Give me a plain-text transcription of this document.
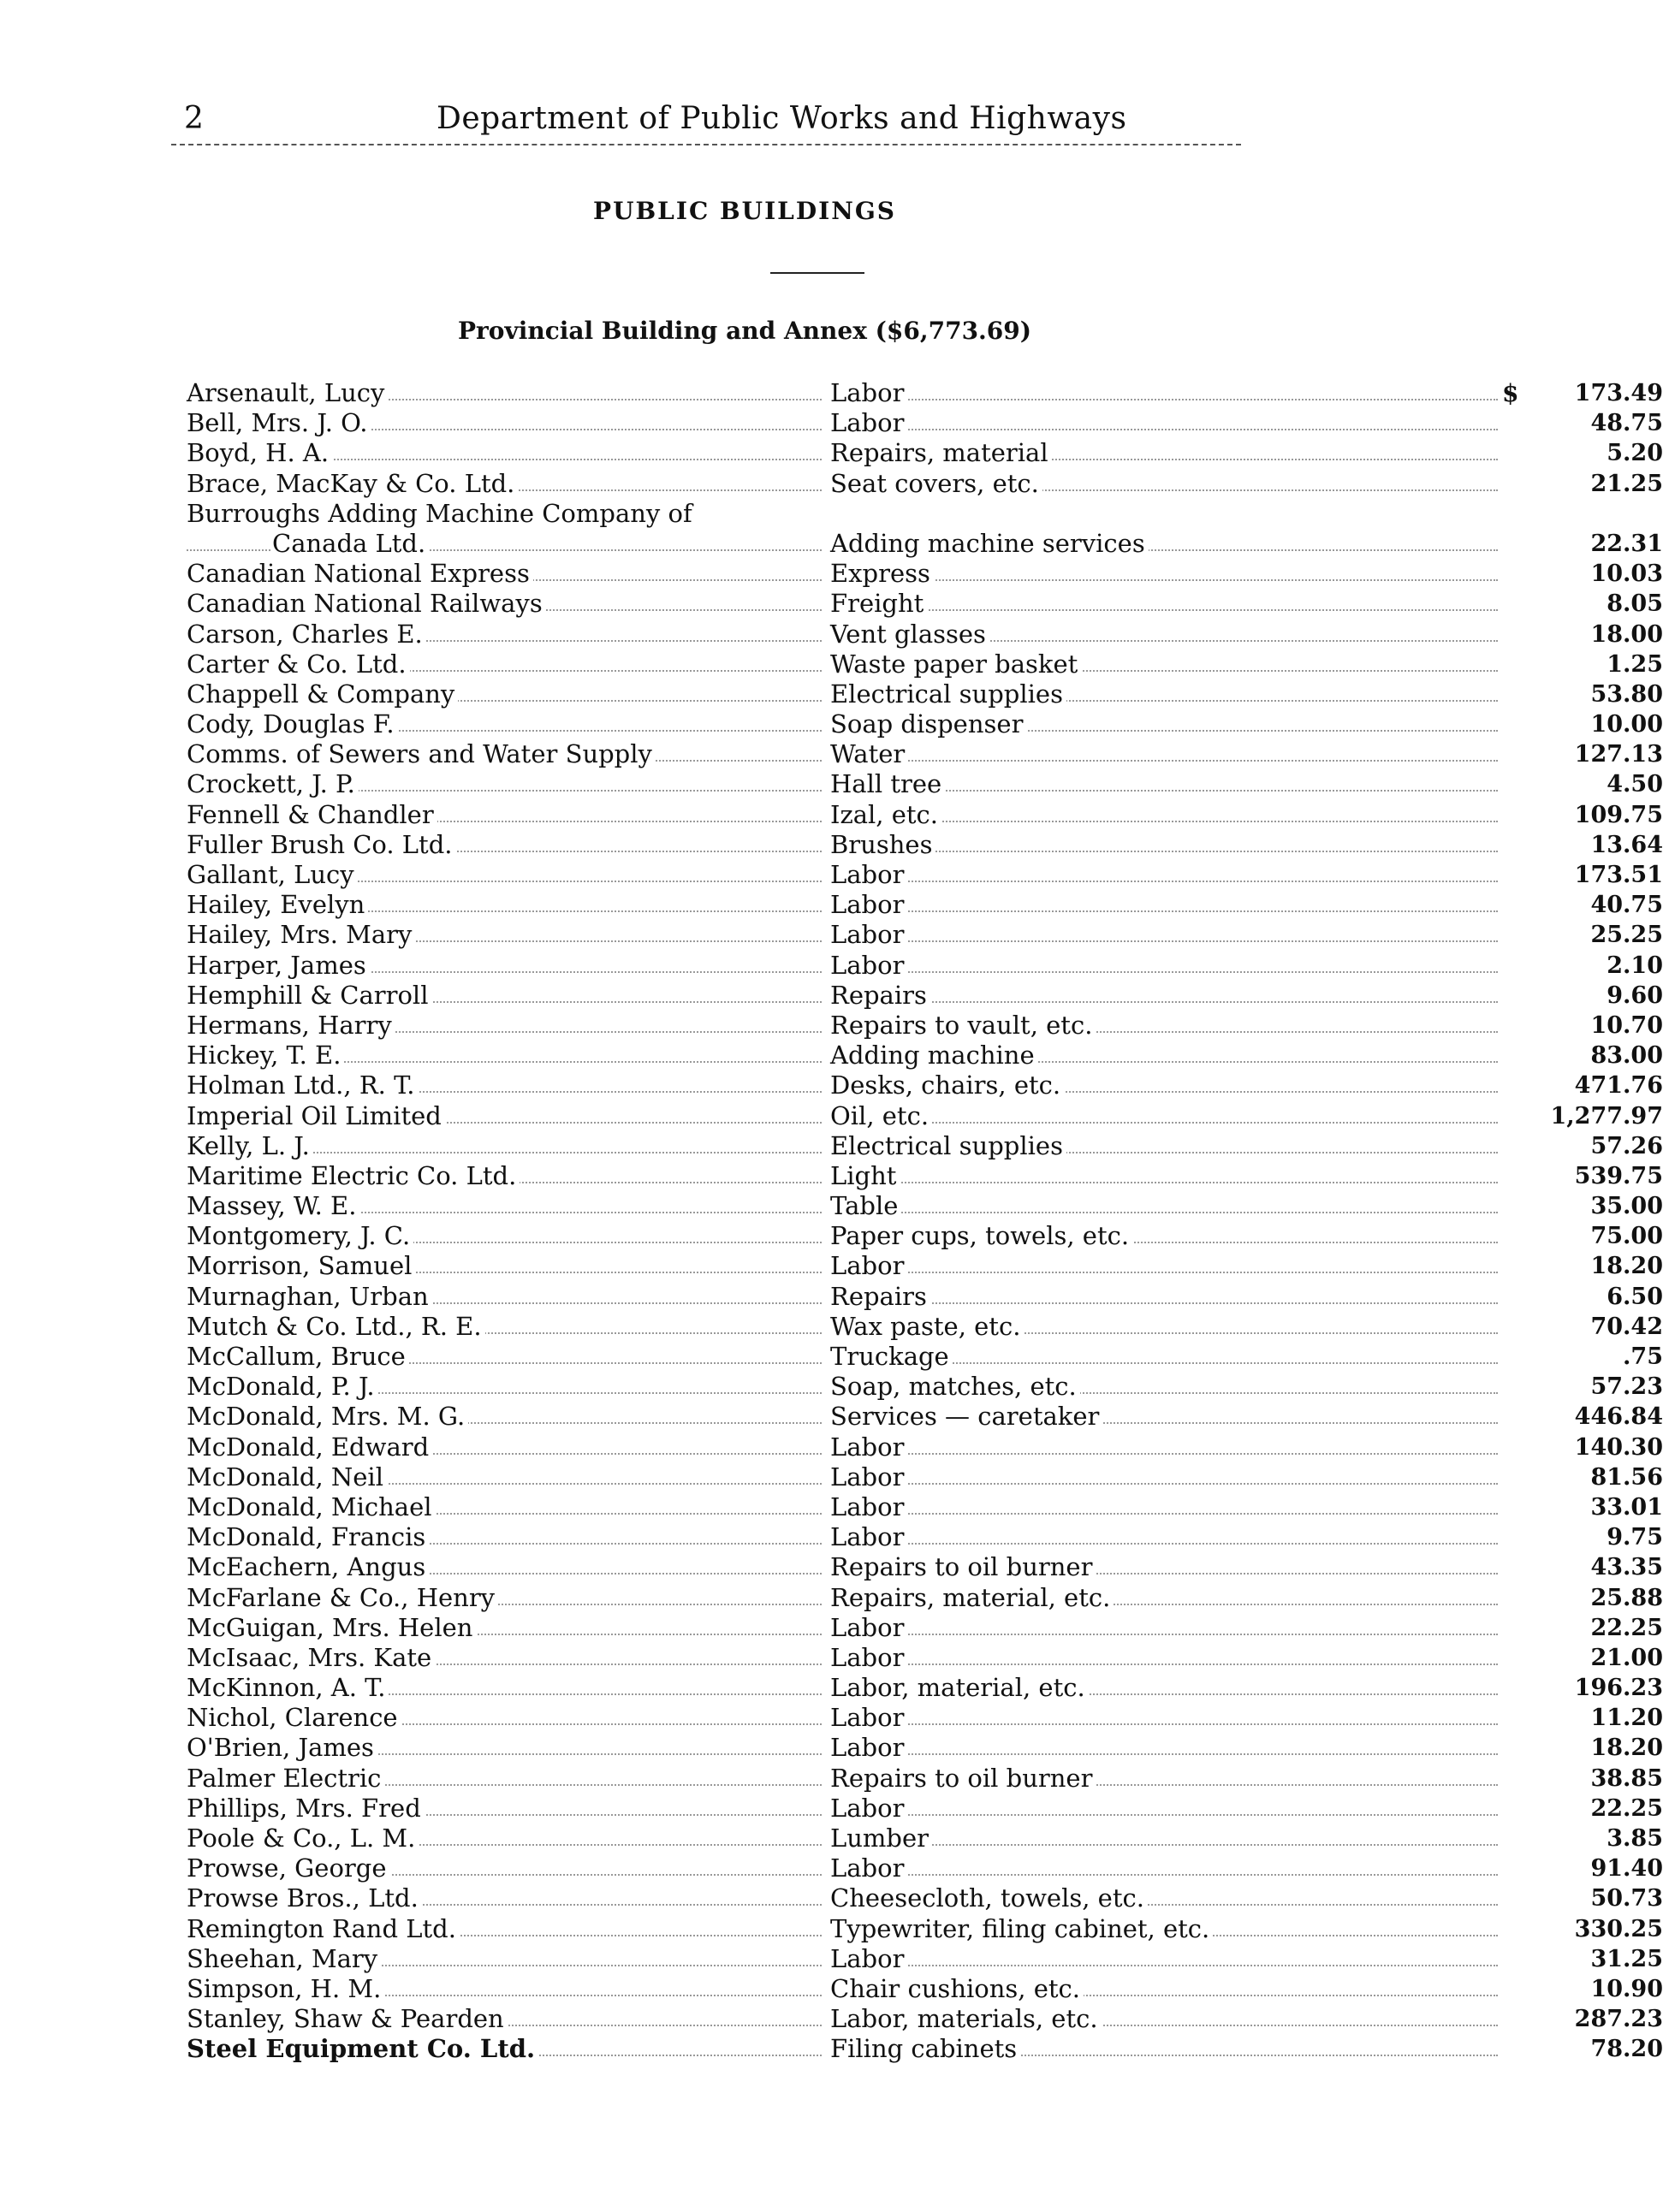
2	Department of Public Works and Highways
PUBLIC BUILDINGS
Provincial Building and Annex ($6,773.69)
Arsenault, Lucy	Labor	$	173.49
Bell, Mrs. J. O.	Labor	48.75
Boyd, H. A.	Repairs, material	5.20
Brace, MacKay & Co. Ltd.	Seat covers, etc.	21.25
Burroughs Adding Machine Company of
Canada Ltd.	Adding machine services	22.31
Canadian National Express	Express	10.03
Canadian National Railways	Freight	8.05
Carson, Charles E.	Vent glasses	18.00
Carter & Co. Ltd.	Waste paper basket	1.25
Chappell & Company	Electrical supplies	53.80
Cody, Douglas F.	Soap dispenser	10.00
Comms. of Sewers and Water Supply	Water	127.13
Crockett, J. P.	Hall tree	4.50
Fennell & Chandler	Izal, etc.	109.75
Fuller Brush Co. Ltd.	Brushes	13.64
Gallant, Lucy	Labor	173.51
Hailey, Evelyn	Labor	40.75
Hailey, Mrs. Mary	Labor	25.25
Harper, James	Labor	2.10
Hemphill & Carroll	Repairs	9.60
Hermans, Harry	Repairs to vault, etc.	10.70
Hickey, T. E.	Adding machine	83.00
Holman Ltd., R. T.	Desks, chairs, etc.	471.76
Imperial Oil Limited	Oil, etc.	1,277.97
Kelly, L. J.	Electrical supplies	57.26
Maritime Electric Co. Ltd.	Light	539.75
Massey, W. E.	Table	35.00
Montgomery, J. C.	Paper cups, towels, etc.	75.00
Morrison, Samuel	Labor	18.20
Murnaghan, Urban	Repairs	6.50
Mutch & Co. Ltd., R. E.	Wax paste, etc.	70.42
McCallum, Bruce	Truckage	.75
McDonald, P. J.	Soap, matches, etc.	57.23
McDonald, Mrs. M. G.	Services — caretaker	446.84
McDonald, Edward	Labor	140.30
McDonald, Neil	Labor	81.56
McDonald, Michael	Labor	33.01
McDonald, Francis	Labor	9.75
McEachern, Angus	Repairs to oil burner	43.35
McFarlane & Co., Henry	Repairs, material, etc.	25.88
McGuigan, Mrs. Helen	Labor	22.25
McIsaac, Mrs. Kate	Labor	21.00
McKinnon, A. T.	Labor, material, etc.	196.23
Nichol, Clarence	Labor	11.20
O'Brien, James	Labor	18.20
Palmer Electric	Repairs to oil burner	38.85
Phillips, Mrs. Fred	Labor	22.25
Poole & Co., L. M.	Lumber	3.85
Prowse, George	Labor	91.40
Prowse Bros., Ltd.	Cheesecloth, towels, etc.	50.73
Remington Rand Ltd.	Typewriter, filing cabinet, etc.	330.25
Sheehan, Mary	Labor	31.25
Simpson, H. M.	Chair cushions, etc.	10.90
Stanley, Shaw & Pearden	Labor, materials, etc.	287.23
Steel Equipment Co. Ltd.	Filing cabinets	78.20
